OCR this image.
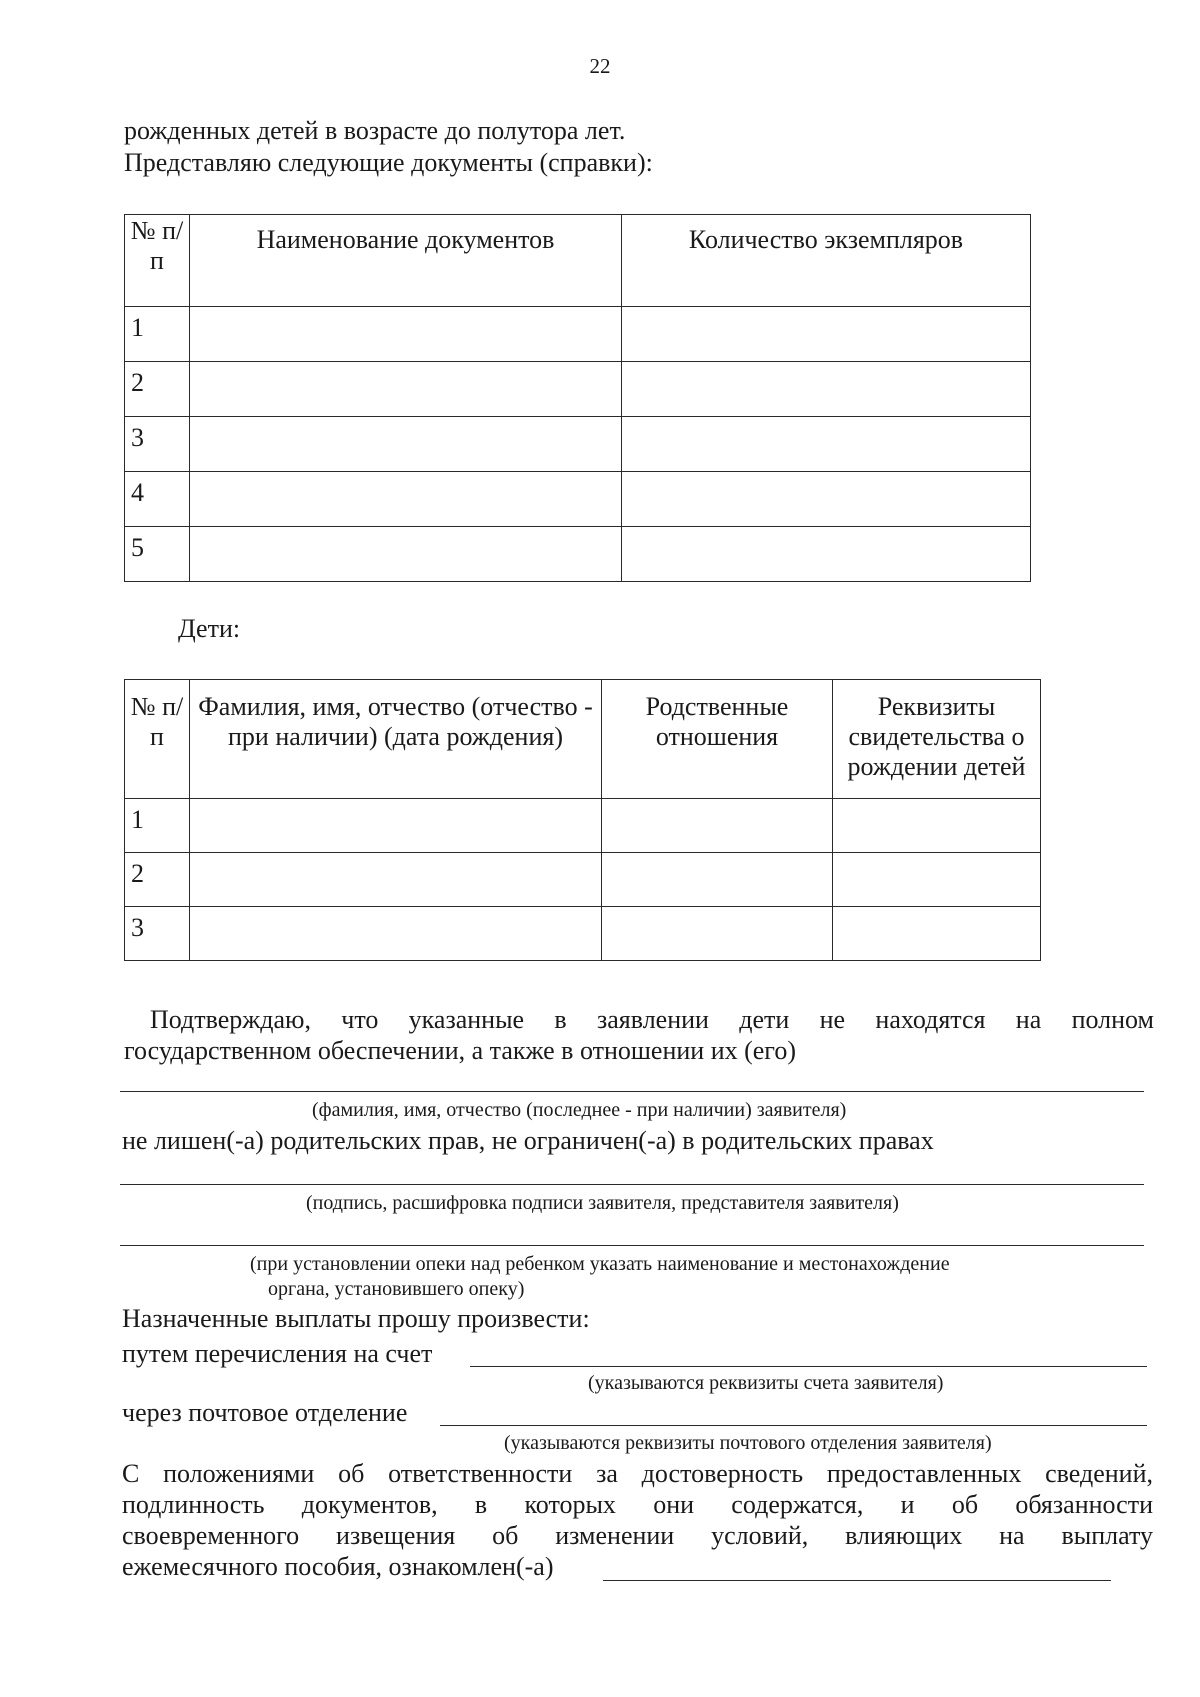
22
рожденных детей в возрасте до полутора лет.
Представляю следующие документы (справки):
№ п/п	Наименование документов	Количество экземпляров
1		
2		
3		
4		
5		
Дети:
№ п/п	Фамилия, имя, отчество (отчество - при наличии) (дата рождения)	Родственные отношения	Реквизиты свидетельства о рождении детей
1			
2			
3			
Подтверждаю, что указанные в заявлении дети не находятся на полном
государственном обеспечении, а также в отношении их (его)
(фамилия, имя, отчество (последнее - при наличии) заявителя)
не лишен(-а) родительских прав, не ограничен(-а) в родительских правах
(подпись, расшифровка подписи заявителя, представителя заявителя)
(при установлении опеки над ребенком указать наименование и местонахождение
органа, установившего опеку)
Назначенные выплаты прошу произвести:
путем перечисления на счет
(указываются реквизиты счета заявителя)
через почтовое отделение
(указываются реквизиты почтового отделения заявителя)
С положениями об ответственности за достоверность предоставленных сведений,
подлинность документов, в которых они содержатся, и об обязанности
своевременного извещения об изменении условий, влияющих на выплату
ежемесячного пособия, ознакомлен(-а)
